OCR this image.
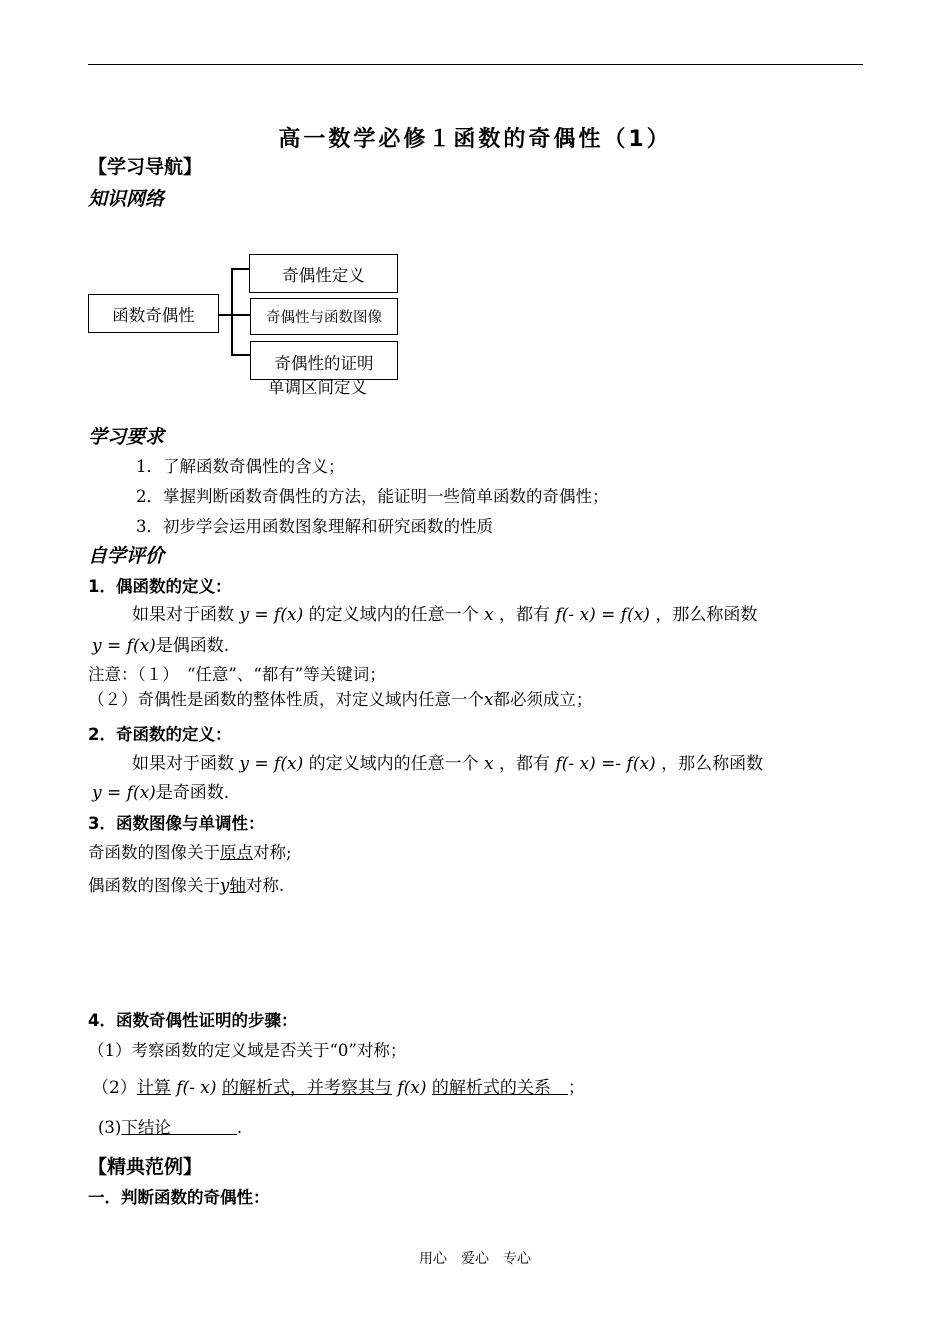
高一数学必修１函数的奇偶性（1）
【学习导航】
知识网络
函数奇偶性
奇偶性定义
奇偶性与函数图像
奇偶性的证明
单调区间定义
学习要求
1．了解函数奇偶性的含义；
2．掌握判断函数奇偶性的方法，能证明一些简单函数的奇偶性；
3．初步学会运用函数图象理解和研究函数的性质
自学评价
1．偶函数的定义：
如果对于函数 y = f(x) 的定义域内的任意一个 x ，都有 f(- x) = f(x) ，那么称函数
y = f(x)是偶函数.
注意：（１）　“任意”、“都有”等关键词；
（２）奇偶性是函数的整体性质，对定义域内任意一个x都必须成立；
2．奇函数的定义：
如果对于函数 y = f(x) 的定义域内的任意一个 x ，都有 f(- x) =- f(x) ，那么称函数
y = f(x)是奇函数.
3．函数图像与单调性：
奇函数的图像关于原点对称;
偶函数的图像关于y轴对称.
4．函数奇偶性证明的步骤：
（1）考察函数的定义域是否关于“0”对称；
（2）计算 f(- x) 的解析式，并考察其与 f(x) 的解析式的关系　；
(3)下结论　　　　.
【精典范例】
一．判断函数的奇偶性：
用心　爱心　专心
